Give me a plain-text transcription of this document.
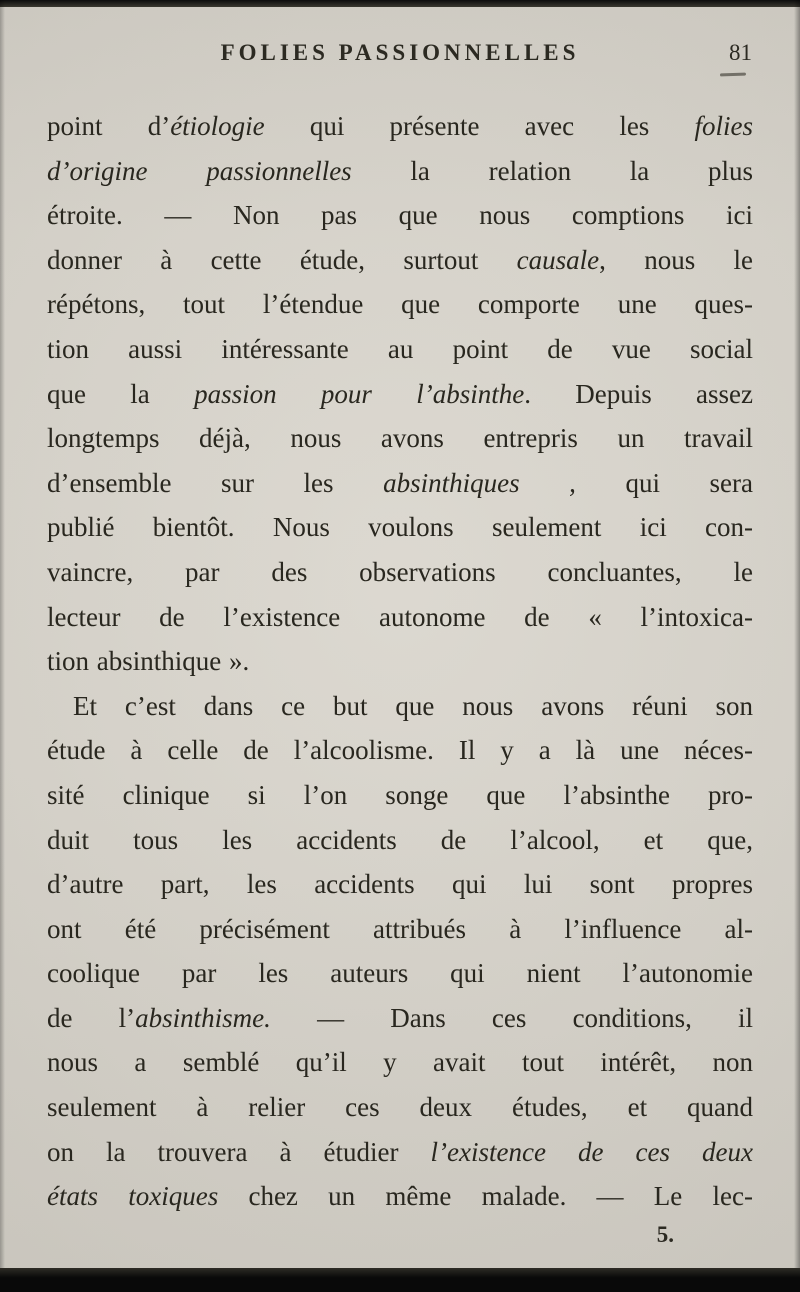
FOLIES PASSIONNELLES	81
point d’étiologie qui présente avec les folies
d’origine passionnelles la relation la plus
étroite. — Non pas que nous comptions ici
donner à cette étude, surtout causale, nous le
répétons, tout l’étendue que comporte une ques-
tion aussi intéressante au point de vue social
que la passion pour l’absinthe. Depuis assez
longtemps déjà, nous avons entrepris un travail
d’ensemble sur les absinthiques , qui sera
publié bientôt. Nous voulons seulement ici con-
vaincre, par des observations concluantes, le
lecteur de l’existence autonome de « l’intoxica-
tion absinthique ».
Et c’est dans ce but que nous avons réuni son
étude à celle de l’alcoolisme. Il y a là une néces-
sité clinique si l’on songe que l’absinthe pro-
duit tous les accidents de l’alcool, et que,
d’autre part, les accidents qui lui sont propres
ont été précisément attribués à l’influence al-
coolique par les auteurs qui nient l’autonomie
de l’absinthisme. — Dans ces conditions, il
nous a semblé qu’il y avait tout intérêt, non
seulement à relier ces deux études, et quand
on la trouvera à étudier l’existence de ces deux
états toxiques chez un même malade. — Le lec-
5.
